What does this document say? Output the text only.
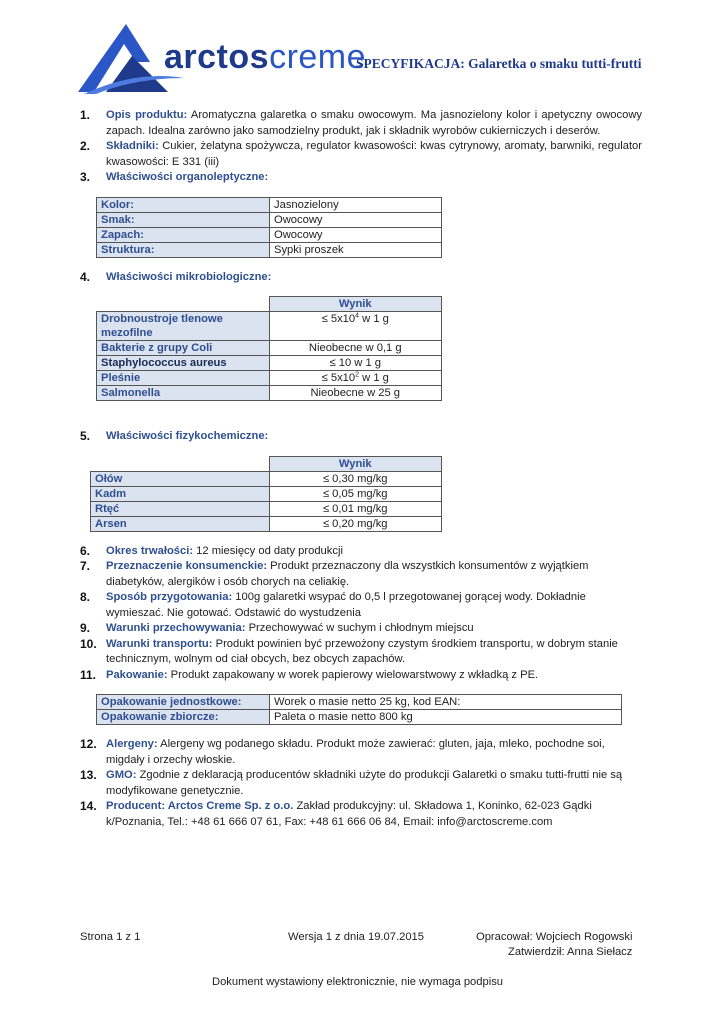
arctoscreme
SPECYFIKACJA: Galaretka o smaku tutti-frutti
1. Opis produktu: Aromatyczna galaretka o smaku owocowym. Ma jasnozielony kolor i apetyczny owocowy zapach. Idealna zarówno jako samodzielny produkt, jak i składnik wyrobów cukierniczych i deserów.
2. Składniki: Cukier, żelatyna spożywcza, regulator kwasowości: kwas cytrynowy, aromaty, barwniki, regulator kwasowości: E 331 (iii)
3. Właściwości organoleptyczne:
Kolor:	Jasnozielony
Smak:	Owocowy
Zapach:	Owocowy
Struktura:	Sypki proszek
4. Właściwości mikrobiologiczne:
	Wynik
Drobnoustroje tlenowe mezofilne	≤ $5x10^4$ w 1 g
Bakterie z grupy Coli	Nieobecne w 0,1 g
Staphylococcus aureus	≤ 10 w 1 g
Pleśnie	≤ $5x10^2$ w 1 g
Salmonella	Nieobecne w 25 g
5. Właściwości fizykochemiczne:
	Wynik
Ołów	≤ 0,30 mg/kg
Kadm	≤ 0,05 mg/kg
Rtęć	≤ 0,01 mg/kg
Arsen	≤ 0,20 mg/kg
6. Okres trwałości: 12 miesięcy od daty produkcji
7. Przeznaczenie konsumenckie: Produkt przeznaczony dla wszystkich konsumentów z wyjątkiem diabetyków, alergików i osób chorych na celiakię.
8. Sposób przygotowania: 100g galaretki wsypać do 0,5 l przegotowanej gorącej wody. Dokładnie wymieszać. Nie gotować. Odstawić do wystudzenia
9. Warunki przechowywania: Przechowywać w suchym i chłodnym miejscu
10. Warunki transportu: Produkt powinien być przewożony czystym środkiem transportu, w dobrym stanie technicznym, wolnym od ciał obcych, bez obcych zapachów.
11. Pakowanie: Produkt zapakowany w worek papierowy wielowarstwowy z wkładką z PE.
Opakowanie jednostkowe:	Worek o masie netto 25 kg, kod EAN:
Opakowanie zbiorcze:	Paleta o masie netto 800 kg
12. Alergeny: Alergeny wg podanego składu. Produkt może zawierać: gluten, jaja, mleko, pochodne soi, migdały i orzechy włoskie.
13. GMO: Zgodnie z deklaracją producentów składniki użyte do produkcji Galaretki o smaku tutti-frutti nie są modyfikowane genetycznie.
14. Producent: Arctos Creme Sp. z o.o. Zakład produkcyjny: ul. Składowa 1, Koninko, 62-023 Gądki k/Poznania, Tel.: +48 61 666 07 61, Fax: +48 61 666 06 84, Email: info@arctoscreme.com
Strona 1 z 1	Wersja 1 z dnia 19.07.2015	Opracował: Wojciech Rogowski
Zatwierdził: Anna Siełacz
Dokument wystawiony elektronicznie, nie wymaga podpisu
